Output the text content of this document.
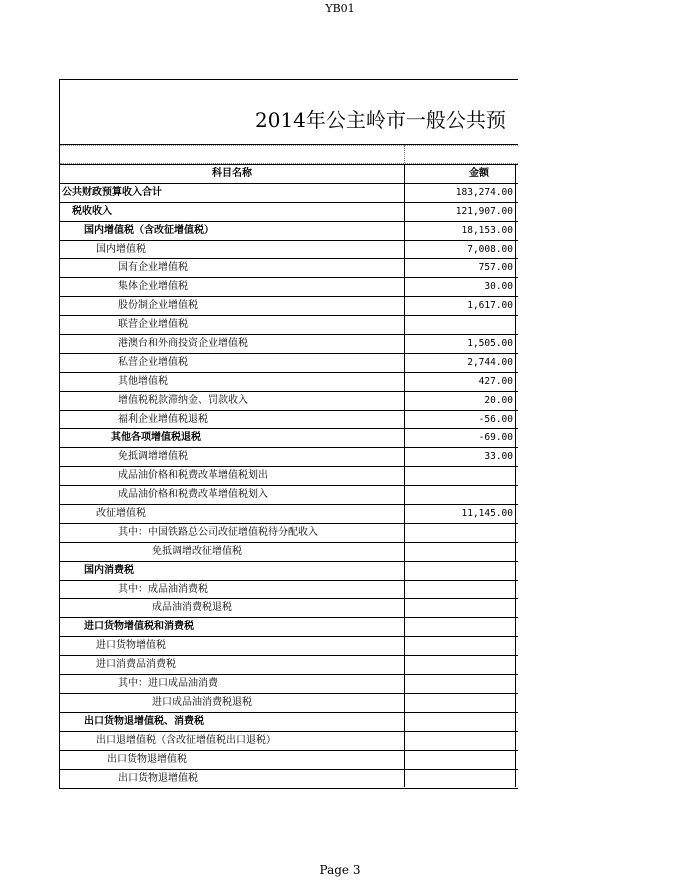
YB01
2014年公主岭市一般公共预
科目名称	金额
公共财政预算收入合计	183,274.00
税收收入	121,907.00
国内增值税（含改征增值税）	18,153.00
国内增值税	7,008.00
国有企业增值税	757.00
集体企业增值税	30.00
股份制企业增值税	1,617.00
联营企业增值税
港澳台和外商投资企业增值税	1,505.00
私营企业增值税	2,744.00
其他增值税	427.00
增值税税款滞纳金、罚款收入	20.00
福利企业增值税退税	-56.00
其他各项增值税退税	-69.00
免抵调增增值税	33.00
成品油价格和税费改革增值税划出
成品油价格和税费改革增值税划入
改征增值税	11,145.00
其中：中国铁路总公司改征增值税待分配收入
免抵调增改征增值税
国内消费税
其中：成品油消费税
成品油消费税退税
进口货物增值税和消费税
进口货物增值税
进口消费品消费税
其中：进口成品油消费
进口成品油消费税退税
出口货物退增值税、消费税
出口退增值税（含改征增值税出口退税）
出口货物退增值税
出口货物退增值税
Page 3
